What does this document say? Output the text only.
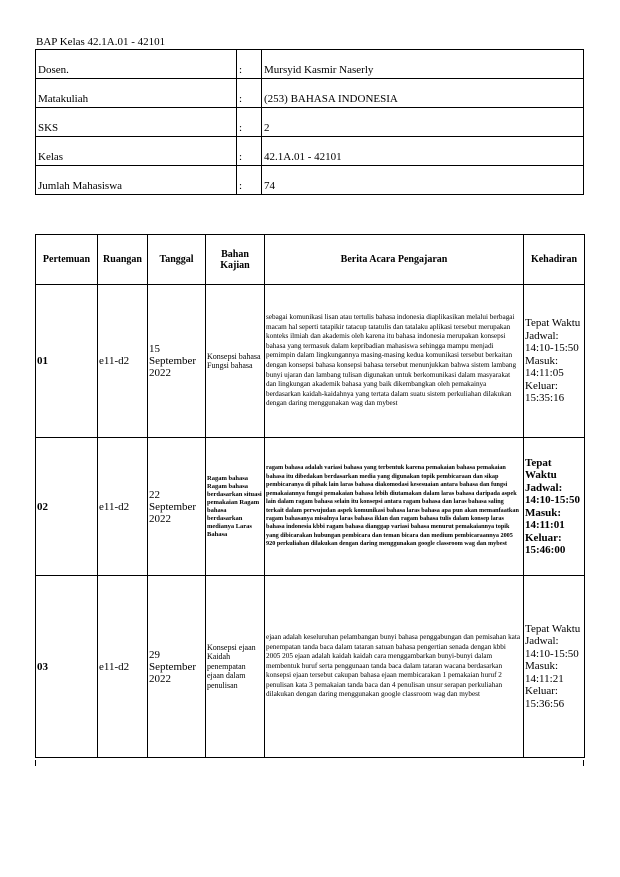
BAP Kelas 42.1A.01 - 42101
Dosen.	:	Mursyid Kasmir Naserly
Matakuliah	:	(253) BAHASA INDONESIA
SKS	:	2
Kelas	:	42.1A.01 - 42101
Jumlah Mahasiswa	:	74
Pertemuan	Ruangan	Tanggal	Bahan Kajian	Berita Acara Pengajaran	Kehadiran
01	e11-d2	15 September 2022	Konsepsi bahasa Fungsi bahasa	sebagai komunikasi lisan atau tertulis bahasa indonesia diaplikasikan melalui berbagai macam hal seperti tatapikir tatacup tatatulis dan tatalaku aplikasi tersebut merupakan konteks ilmiah dan akademis oleh karena itu bahasa indonesia merupakan konsepsi bahasa yang termasuk dalam kepribadian mahasiswa sehingga mampu menjadi pemimpin dalam lingkungannya masing-masing kedua komunikasi tersebut berkaitan dengan konsepsi bahasa konsepsi bahasa tersebut menunjukkan bahwa sistem lambang bunyi ujaran dan lambang tulisan digunakan untuk berkomunikasi dalam masyarakat dan lingkungan akademik bahasa yang baik dikembangkan oleh pemakainya berdasarkan kaidah-kaidahnya yang tertata dalam suatu sistem perkuliahan dilakukan dengan daring menggunakan wag dan mybest	Tepat Waktu Jadwal: 14:10-15:50 Masuk: 14:11:05 Keluar: 15:35:16
02	e11-d2	22 September 2022	Ragam bahasa Ragam bahasa berdasarkan situasi pemakaian Ragam bahasa berdasarkan medianya Laras Bahasa	ragam bahasa adalah variasi bahasa yang terbentuk karena pemakaian bahasa pemakaian bahasa itu dibedakan berdasarkan media yang digunakan topik pembicaraan dan sikap pembicaranya di pihak lain laras bahasa diakomodasi kesesuaian antara bahasa dan fungsi pemakaiannya fungsi pemakaian bahasa lebih diutamakan dalam laras bahasa daripada aspek lain dalam ragam bahasa selain itu konsepsi antara ragam bahasa dan laras bahasa saling terkait dalam perwujudan aspek komunikasi bahasa laras bahasa apa pun akan memanfaatkan ragam bahasanya misalnya laras bahasa iklan dan ragam bahasa tulis dalam konsep laras bahasa indonesia kbbi ragam bahasa dianggap variasi bahasa menurut pemakaiannya topik yang dibicarakan hubungan pembicara dan teman bicara dan medium pembicaraannya 2005 920 perkuliahan dilakukan dengan daring menggunakan google classroom wag dan mybest	Tepat Waktu Jadwal: 14:10-15:50 Masuk: 14:11:01 Keluar: 15:46:00
03	e11-d2	29 September 2022	Konsepsi ejaan Kaidah penempatan ejaan dalam penulisan	ejaan adalah keseluruhan pelambangan bunyi bahasa penggabungan dan pemisahan kata penempatan tanda baca dalam tataran satuan bahasa pengertian senada dengan kbbi 2005 205 ejaan adalah kaidah kaidah cara menggambarkan bunyi-bunyi dalam membentuk huruf serta penggunaan tanda baca dalam tataran wacana berdasarkan konsepsi ejaan tersebut cakupan bahasa ejaan membicarakan 1 pemakaian huruf 2 penulisan kata 3 pemakaian tanda baca dan 4 penulisan unsur serapan perkuliahan dilakukan dengan daring menggunakan google classroom wag dan mybest	Tepat Waktu Jadwal: 14:10-15:50 Masuk: 14:11:21 Keluar: 15:36:56
